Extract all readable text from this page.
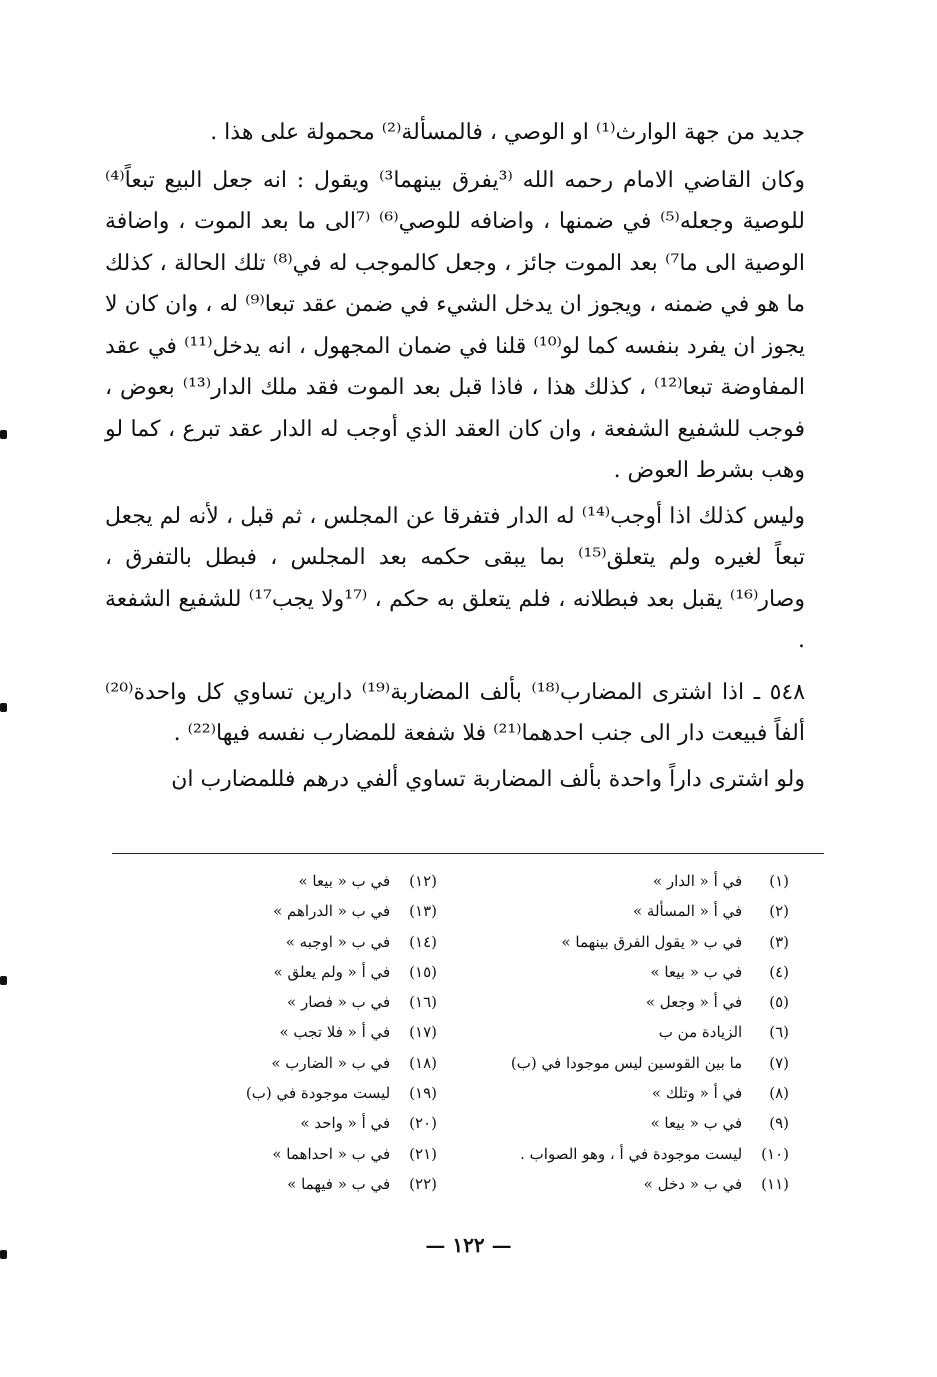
جديد من جهة الوارث⁽¹⁾ او الوصي ، فالمسألة⁽²⁾ محمولة على هذا .

وكان القاضي الامام رحمه الله ⁽³يفرق بينهما³⁾ ويقول : انه جعل البيع تبعاً⁽⁴⁾ للوصية وجعله⁽⁵⁾ في ضمنها ، واضافه للوصي⁽⁶⁾ ⁽⁷الى ما بعد الموت ، واضافة الوصية الى ما⁷⁾ بعد الموت جائز ، وجعل كالموجب له في⁽⁸⁾ تلك الحالة ، كذلك ما هو في ضمنه ، ويجوز ان يدخل الشيء في ضمن عقد تبعا⁽⁹⁾ له ، وان كان لا يجوز ان يفرد بنفسه كما لو⁽¹⁰⁾ قلنا في ضمان المجهول ، انه يدخل⁽¹¹⁾ في عقد المفاوضة تبعا⁽¹²⁾ ، كذلك هذا ، فاذا قبل بعد الموت فقد ملك الدار⁽¹³⁾ بعوض ، فوجب للشفيع الشفعة ، وان كان العقد الذي أوجب له الدار عقد تبرع ، كما لو وهب بشرط العوض .

وليس كذلك اذا أوجب⁽¹⁴⁾ له الدار فتفرقا عن المجلس ، ثم قبل ، لأنه لم يجعل تبعاً لغيره ولم يتعلق⁽¹⁵⁾ بما يبقى حكمه بعد المجلس ، فبطل بالتفرق ، وصار⁽¹⁶⁾ يقبل بعد فبطلانه ، فلم يتعلق به حكم ، ⁽¹⁷ولا يجب¹⁷⁾ للشفيع الشفعة .

٥٤٨ ـ اذا اشترى المضارب⁽¹⁸⁾ بألف المضاربة⁽¹⁹⁾ دارين تساوي كل واحدة⁽²⁰⁾ ألفاً فبيعت دار الى جنب احدهما⁽²¹⁾ فلا شفعة للمضارب نفسه فيها⁽²²⁾ .

ولو اشترى داراً واحدة بألف المضاربة تساوي ألفي درهم فللمضارب ان

(١) في أ « الدار »
(٢) في أ « المسألة »
(٣) في ب « يقول الفرق بينهما »
(٤) في ب « بيعا »
(٥) في أ « وجعل »
(٦) الزيادة من ب
(٧) ما بين القوسين ليس موجودا في (ب)
(٨) في أ « وتلك »
(٩) في ب « بيعا »
(١٠) ليست موجودة في أ ، وهو الصواب .
(١١) في ب « دخل »
(١٢) في ب « بيعا »
(١٣) في ب « الدراهم »
(١٤) في ب « اوجبه »
(١٥) في أ « ولم يعلق »
(١٦) في ب « فصار »
(١٧) في أ « فلا تجب »
(١٨) في ب « الضارب »
(١٩) ليست موجودة في (ب)
(٢٠) في أ « واحد »
(٢١) في ب « احداهما »
(٢٢) في ب « فيهما »
— ١٢٢ —
